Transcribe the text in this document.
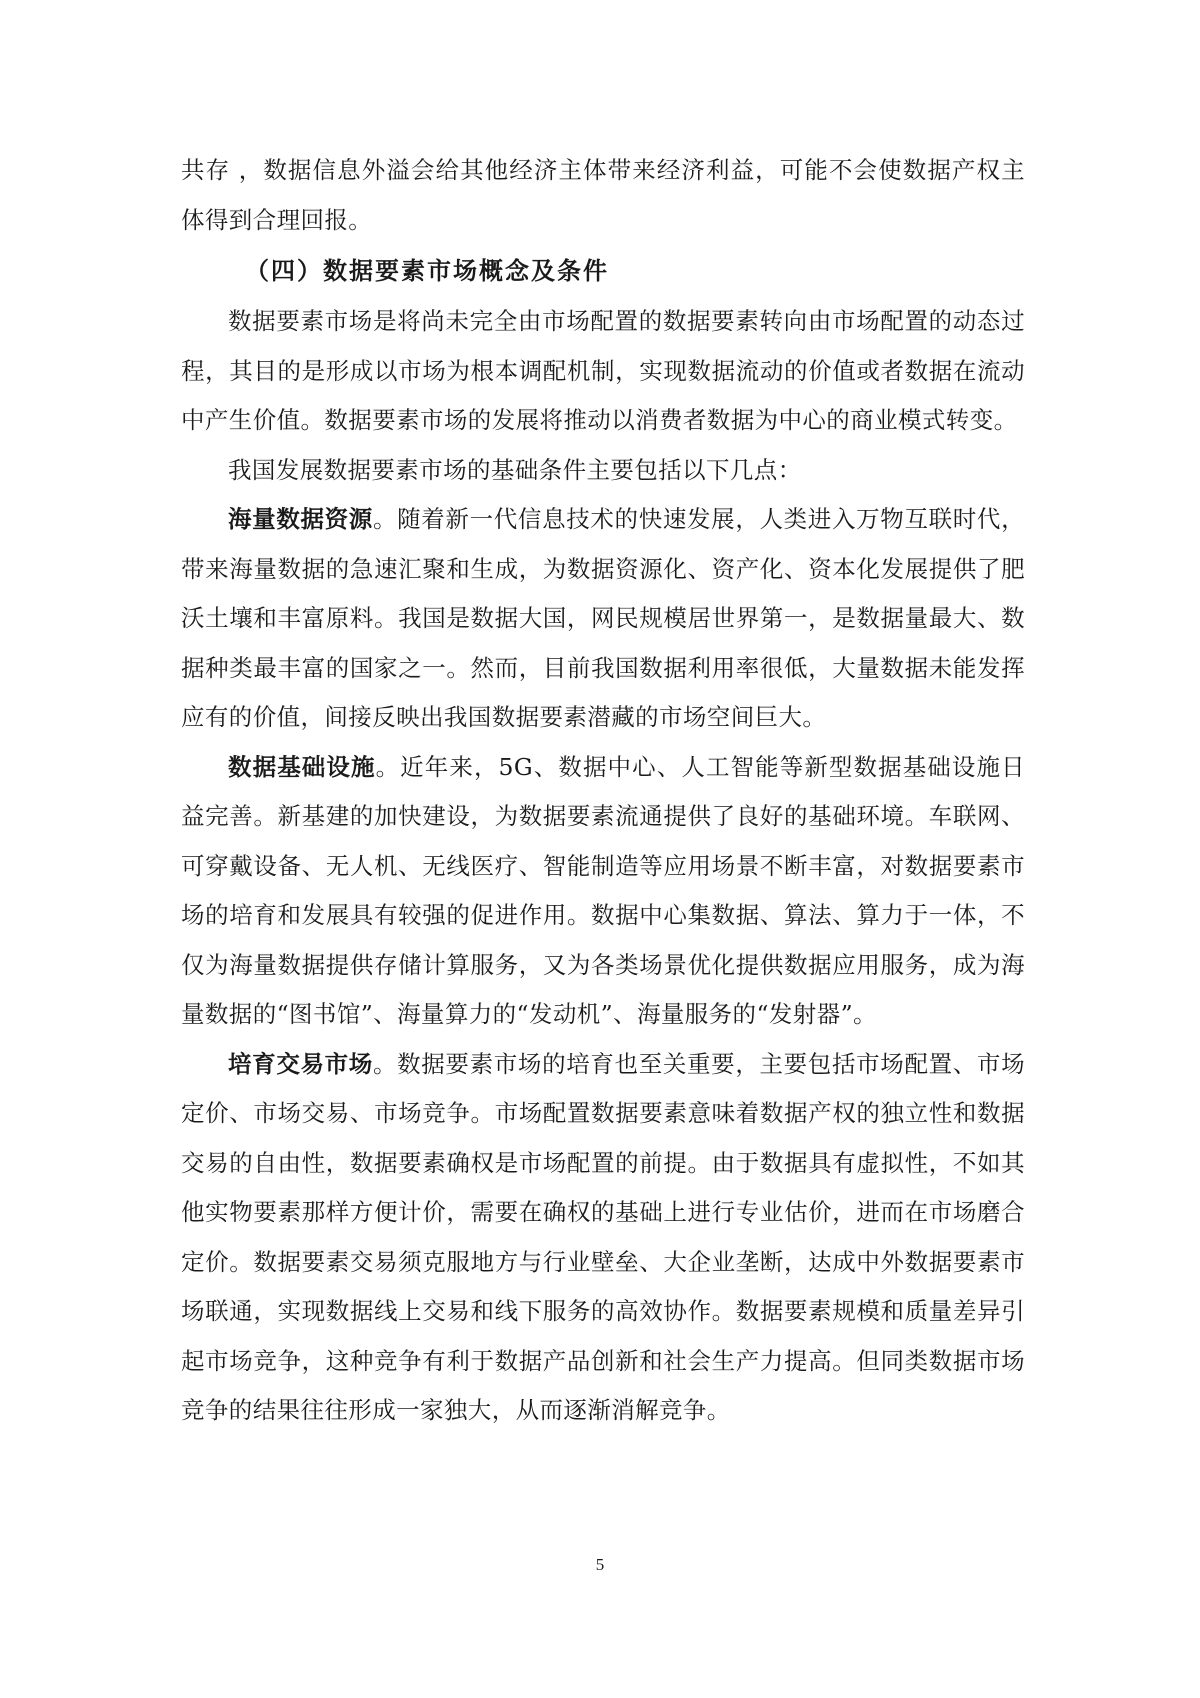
共存 ，数据信息外溢会给其他经济主体带来经济利益，可能不会使数据产权主体得到合理回报。

（四）数据要素市场概念及条件

数据要素市场是将尚未完全由市场配置的数据要素转向由市场配置的动态过程，其目的是形成以市场为根本调配机制，实现数据流动的价值或者数据在流动中产生价值。数据要素市场的发展将推动以消费者数据为中心的商业模式转变。

我国发展数据要素市场的基础条件主要包括以下几点：

海量数据资源。随着新一代信息技术的快速发展，人类进入万物互联时代，带来海量数据的急速汇聚和生成，为数据资源化、资产化、资本化发展提供了肥沃土壤和丰富原料。我国是数据大国，网民规模居世界第一，是数据量最大、数据种类最丰富的国家之一。然而，目前我国数据利用率很低，大量数据未能发挥应有的价值，间接反映出我国数据要素潜藏的市场空间巨大。

数据基础设施。近年来，5G、数据中心、人工智能等新型数据基础设施日益完善。新基建的加快建设，为数据要素流通提供了良好的基础环境。车联网、可穿戴设备、无人机、无线医疗、智能制造等应用场景不断丰富，对数据要素市场的培育和发展具有较强的促进作用。数据中心集数据、算法、算力于一体，不仅为海量数据提供存储计算服务，又为各类场景优化提供数据应用服务，成为海量数据的“图书馆”、海量算力的“发动机”、海量服务的“发射器”。

培育交易市场。数据要素市场的培育也至关重要，主要包括市场配置、市场定价、市场交易、市场竞争。市场配置数据要素意味着数据产权的独立性和数据交易的自由性，数据要素确权是市场配置的前提。由于数据具有虚拟性，不如其他实物要素那样方便计价，需要在确权的基础上进行专业估价，进而在市场磨合定价。数据要素交易须克服地方与行业壁垒、大企业垄断，达成中外数据要素市场联通，实现数据线上交易和线下服务的高效协作。数据要素规模和质量差异引起市场竞争，这种竞争有利于数据产品创新和社会生产力提高。但同类数据市场竞争的结果往往形成一家独大，从而逐渐消解竞争。

5
